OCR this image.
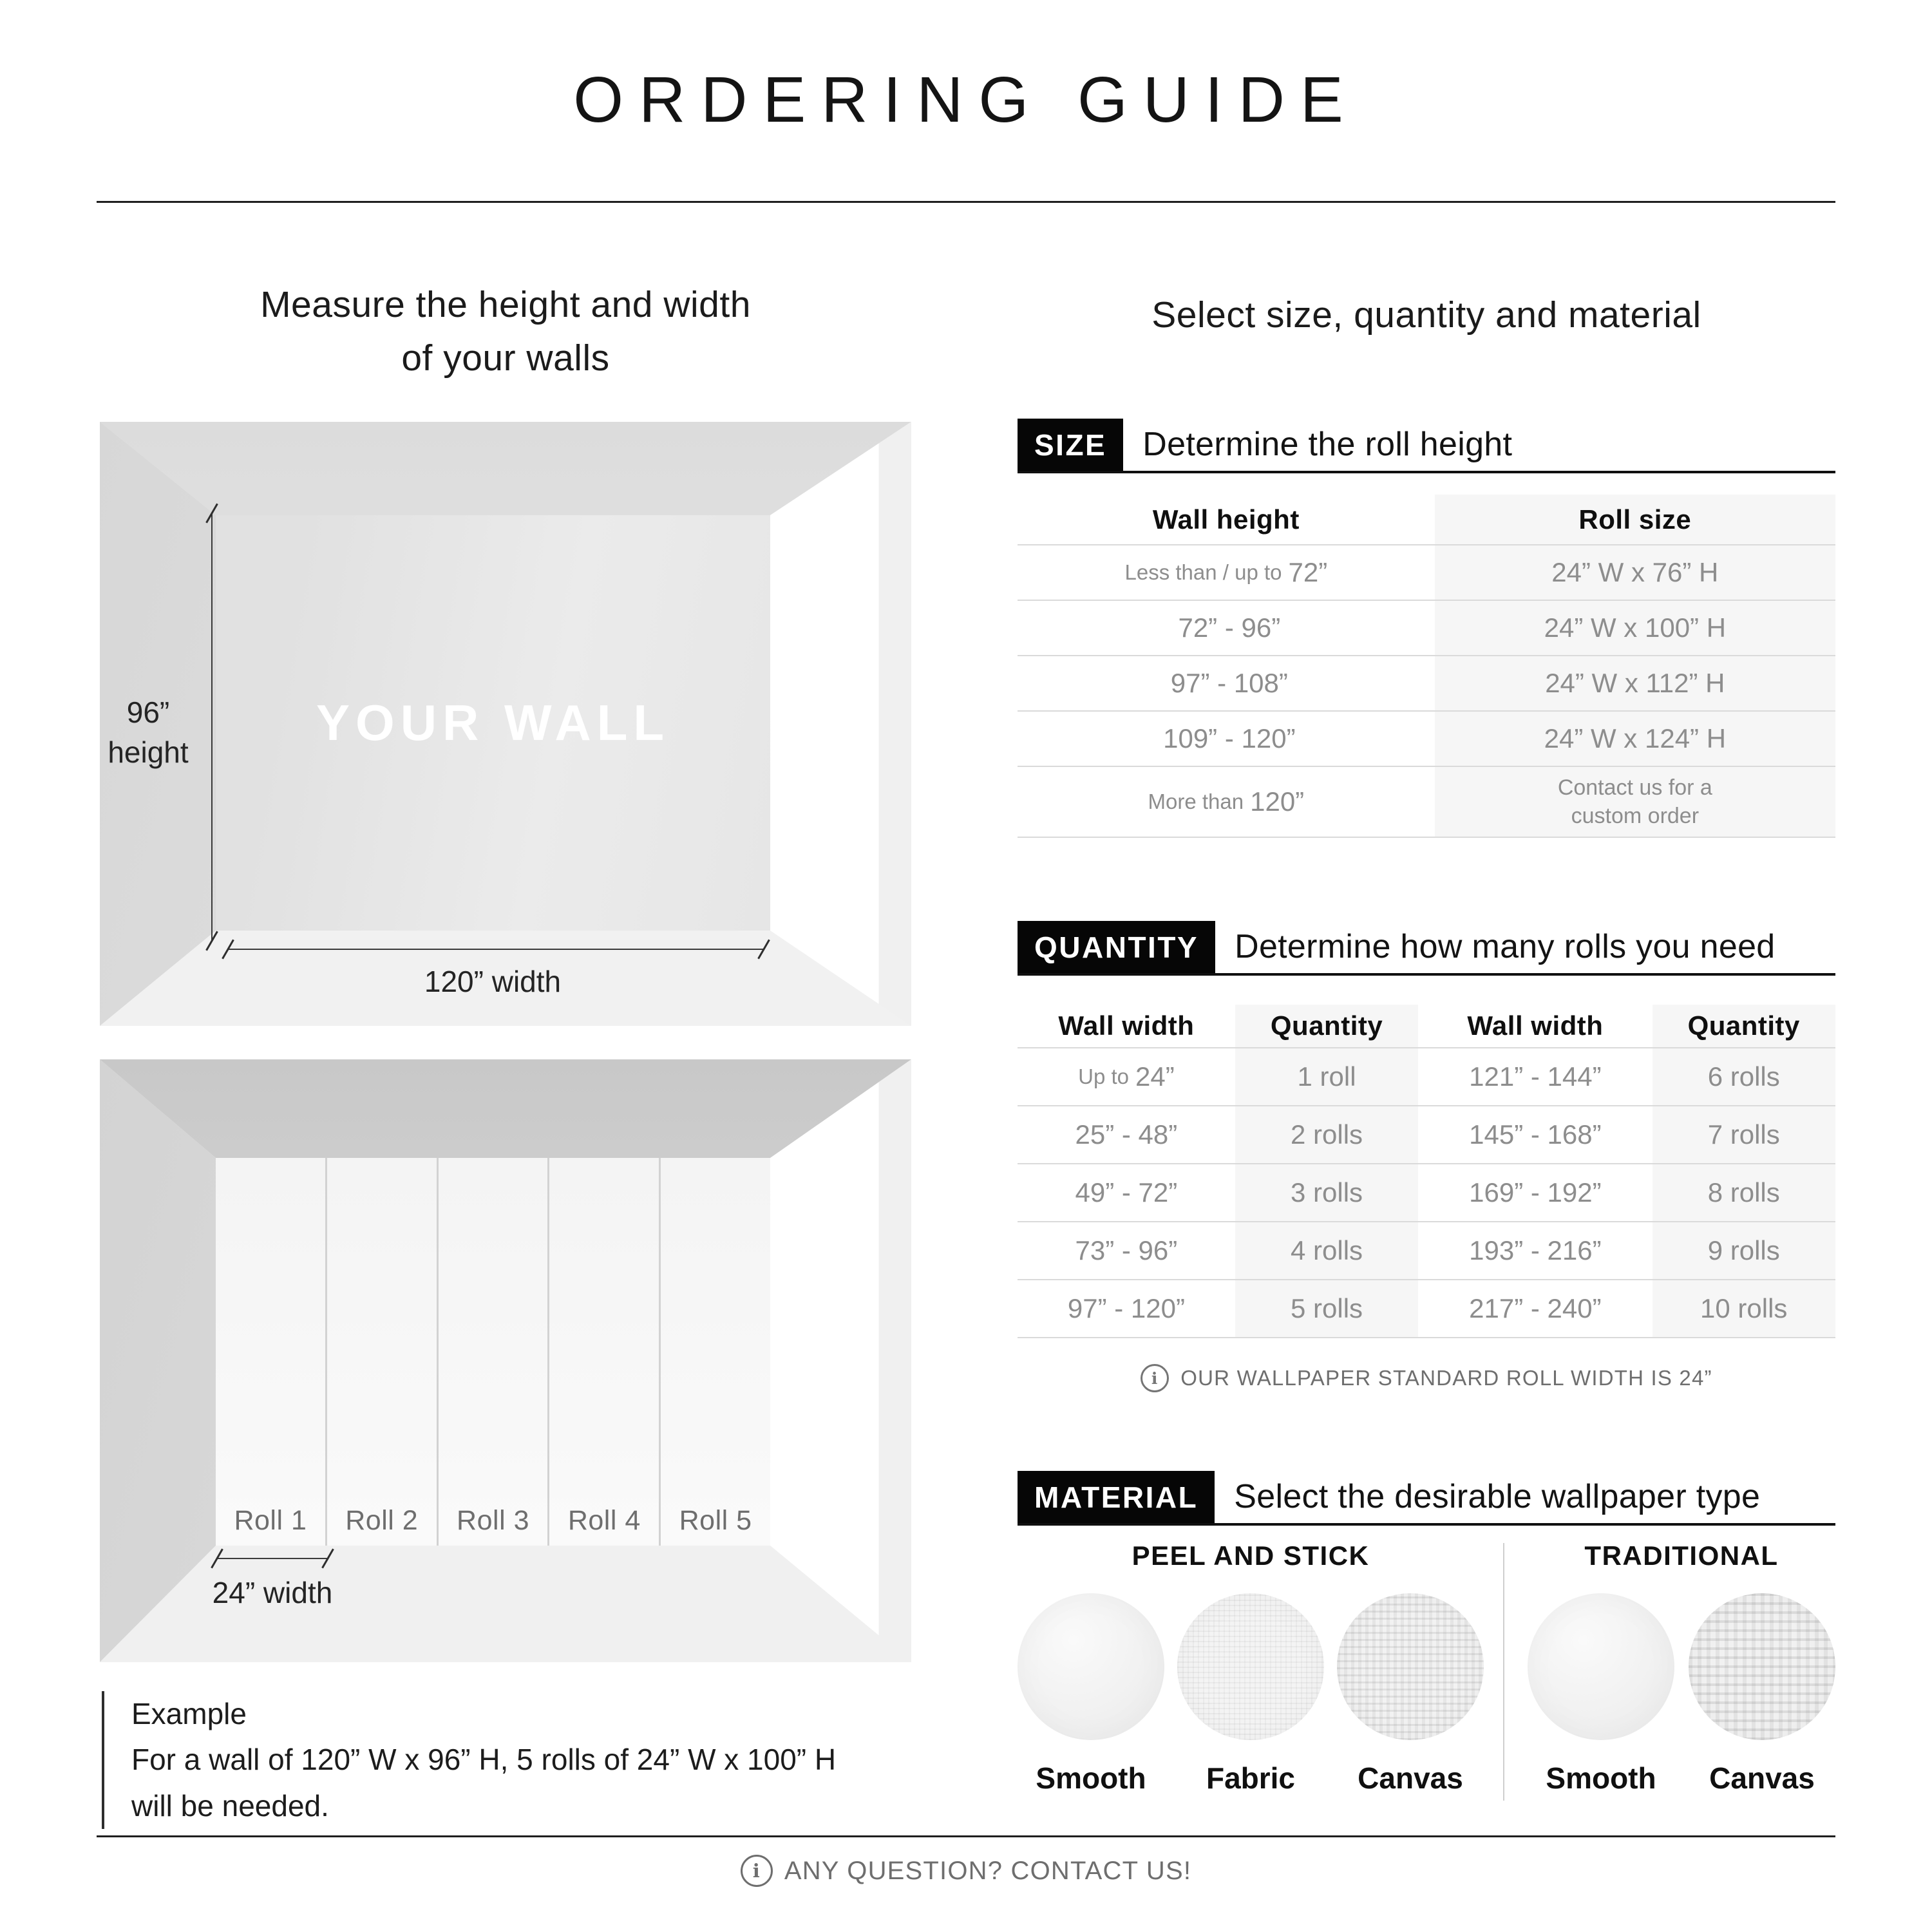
ORDERING GUIDE
Measure the height and width
of your walls
YOUR WALL
96”
height
120” width
Roll 1 Roll 2 Roll 3 Roll 4 Roll 5
24” width
Example
For a wall of 120” W x 96” H, 5 rolls of 24” W x 100” H
will be needed.
Select size, quantity and material
SIZE	Determine the roll height
Wall height	Roll size
Less than / up to 72”	24” W x 76” H
72” - 96”	24” W x 100” H
97” - 108”	24” W x 112” H
109” - 120”	24” W x 124” H
More than 120”	Contact us for a custom order
QUANTITY	Determine how many rolls you need
Wall width	Quantity	Wall width	Quantity
Up to 24”	1 roll	121” - 144”	6 rolls
25” - 48”	2 rolls	145” - 168”	7 rolls
49” - 72”	3 rolls	169” - 192”	8 rolls
73” - 96”	4 rolls	193” - 216”	9 rolls
97” - 120”	5 rolls	217” - 240”	10 rolls
i OUR WALLPAPER STANDARD ROLL WIDTH IS 24”
MATERIAL	Select the desirable wallpaper type
PEEL AND STICK
Smooth Fabric Canvas
TRADITIONAL
Smooth Canvas
i ANY QUESTION? CONTACT US!
